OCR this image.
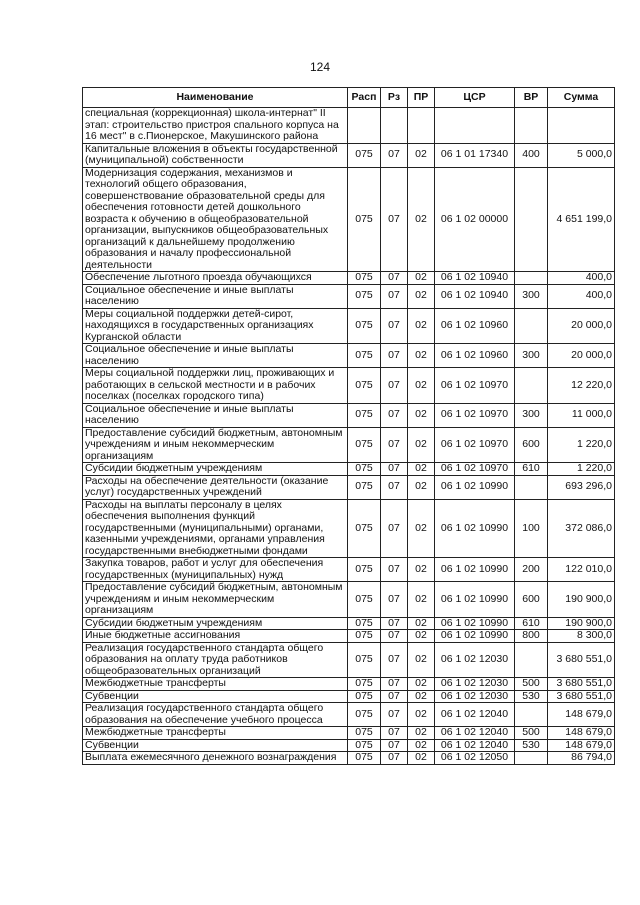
124
Наименование	Расп	Рз	ПР	ЦСР	ВР	Сумма
специальная (коррекционная) школа-интернат" II этап: строительство пристроя спального корпуса на 16 мест" в с.Пионерское, Макушинского района						
Капитальные вложения в объекты государственной (муниципальной) собственности	075	07	02	06 1 01 17340	400	5 000,0
Модернизация содержания, механизмов и технологий общего образования, совершенствование образовательной среды для обеспечения готовности детей дошкольного возраста к обучению в общеобразовательной организации, выпускников общеобразовательных организаций к дальнейшему продолжению образования и началу профессиональной деятельности	075	07	02	06 1 02 00000		4 651 199,0
Обеспечение льготного проезда обучающихся	075	07	02	06 1 02 10940		400,0
Социальное обеспечение и иные выплаты населению	075	07	02	06 1 02 10940	300	400,0
Меры социальной поддержки детей-сирот, находящихся в государственных организациях Курганской области	075	07	02	06 1 02 10960		20 000,0
Социальное обеспечение и иные выплаты населению	075	07	02	06 1 02 10960	300	20 000,0
Меры социальной поддержки лиц, проживающих и работающих в сельской местности и в рабочих поселках (поселках городского типа)	075	07	02	06 1 02 10970		12 220,0
Социальное обеспечение и иные выплаты населению	075	07	02	06 1 02 10970	300	11 000,0
Предоставление субсидий бюджетным, автономным учреждениям и иным некоммерческим организациям	075	07	02	06 1 02 10970	600	1 220,0
Субсидии бюджетным учреждениям	075	07	02	06 1 02 10970	610	1 220,0
Расходы на обеспечение деятельности (оказание услуг) государственных учреждений	075	07	02	06 1 02 10990		693 296,0
Расходы на выплаты персоналу в целях обеспечения выполнения функций государственными (муниципальными) органами, казенными учреждениями, органами управления государственными внебюджетными фондами	075	07	02	06 1 02 10990	100	372 086,0
Закупка товаров, работ и услуг для обеспечения государственных (муниципальных) нужд	075	07	02	06 1 02 10990	200	122 010,0
Предоставление субсидий бюджетным, автономным учреждениям и иным некоммерческим организациям	075	07	02	06 1 02 10990	600	190 900,0
Субсидии бюджетным учреждениям	075	07	02	06 1 02 10990	610	190 900,0
Иные бюджетные ассигнования	075	07	02	06 1 02 10990	800	8 300,0
Реализация государственного стандарта общего образования на оплату труда работников общеобразовательных организаций	075	07	02	06 1 02 12030		3 680 551,0
Межбюджетные трансферты	075	07	02	06 1 02 12030	500	3 680 551,0
Субвенции	075	07	02	06 1 02 12030	530	3 680 551,0
Реализация государственного стандарта общего образования на обеспечение учебного процесса	075	07	02	06 1 02 12040		148 679,0
Межбюджетные трансферты	075	07	02	06 1 02 12040	500	148 679,0
Субвенции	075	07	02	06 1 02 12040	530	148 679,0
Выплата ежемесячного денежного вознаграждения	075	07	02	06 1 02 12050		86 794,0
